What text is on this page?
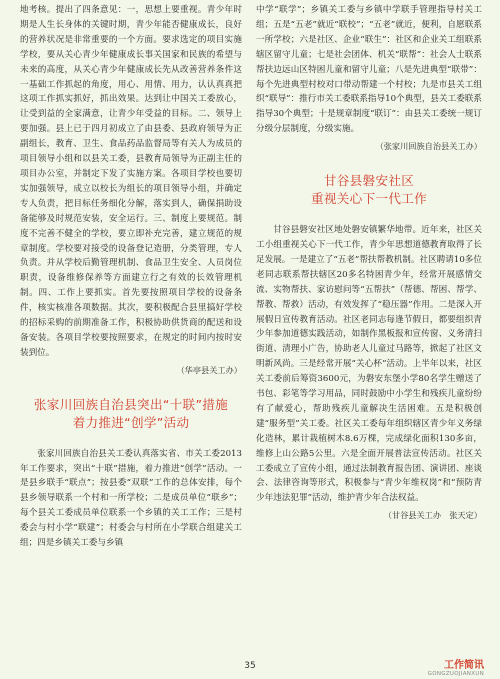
地考核。提出了四条意见：一，思想上要重视。青少年时期是人生长身体的关键时期，青少年能否健康成长，良好的营养状况是非常重要的一个方面。要求选定的项目实施学校，要从关心青少年健康成长事关国家和民族的希望与未来的高度，从关心青少年健康成长先从改善营养条件这一基础工作抓起的角度，用心、用情、用力，认认真真把这项工作抓实抓好，抓出效果。达到让中国关工委放心，让受到益的全家满意，让青少年受益的目标。二、领导上要加强。县上已于四月初成立了由县委、县政府领导为正副组长，教育、卫生、食品药品监督局等有关人为成员的项目领导小组和以县关工委，县教育局领导为正副主任的项目办公室，并制定下发了实施方案。各项目学校也要切实加强领导，成立以校长为组长的项目领导小组，并确定专人负责，把目标任务细化分解，落实到人，确保捐助设备能够及时规范安装，安全运行。三、制度上要规范。制度不完善不健全的学校，要立即补充完善，建立规范的规章制度。学校要对接受的设备登记造册，分类管理，专人负责。并从学校后勤管理机制、食品卫生安全、人员岗位职责，设备维修保养等方面建立行之有效的长效管理机制。四、工作上要抓实。首先要按照项目学校的设备条件，核实核准各项数据。其次，要积极配合县里搞好学校的招标采购的前期准备工作，积极协助供货商的配送和设备安装。各项目学校要按照要求，在规定的时间内按时安装到位。

（华亭县关工办）

张家川回族自治县突出“十联”措施

着力推进“创学”活动

张家川回族自治县关工委认真落实省、市关工委2013年工作要求，突出“十联”措施，着力推进“创学”活动。一是县乡联手“联点”；按县委“双联”工作的总体安排，每个县乡领导联系一个村和一所学校；二是成员单位“联乡”；每个县关工委成员单位联系一个乡镇的关工工作；三是村委会与村小学“联建”；村委会与村所在小学联合组建关工组；四是乡镇关工委与乡镇

中学“联学”；乡镇关工委与乡镇中学联手管理指导村关工组；五是“五老”就近“联校”；“五老”就近，便利，自愿联系一所学校；六是社区、企业“联生”：社区和企业关工组联系辖区留守儿童；七是社会团体、机关“联帮”：社会人士联系帮扶边远山区特困儿童和留守儿童；八是先进典型“联带”：每个先进典型村校对口带动帮建一个村校；九是市县关工组织“联导”：推行市关工委联系指导10个典型，县关工委联系指导30个典型；十是规章制度“联订”：由县关工委统一规订分级分层制度，分级实施。

（张家川回族自治县关工办）

甘谷县磐安社区

重视关心下一代工作

甘谷县磐安社区地处磐安镇繁华地带。近年来，社区关工小组重视关心下一代工作，青少年思想道德教育取得了长足发展。一是建立了“五老”帮扶帮教机制。社区聘请10多位老同志联系帮扶辖区20多名特困青少年，经常开展感情交流、实物帮扶、家访慰问等“五帮扶”（帮德、帮困、帮学、帮教、帮救）活动，有效发挥了“稳压器”作用。二是深入开展假日宣传教育活动。社区老同志每逢节假日，都要组织青少年参加道德实践活动，如制作黑板报和宣传窗、义务清扫街道、清理小广告，协助老人儿童过马路等，掀起了社区文明新风尚。三是经常开展“关心杯”活动。上半年以来，社区关工委前后筹资3600元，为磐安东堡小学80名学生赠送了书包、彩笔等学习用品，同时鼓励中小学生和残疾儿童纷纷有了献爱心，帮助残疾儿童解决生活困难。五是积极创建“服务型”关工委。社区关工委每年组织辖区青少年义务绿化造林，累计栽植树木8.6万棵，完成绿化面积130多亩，维修上山公路5公里。六是全面开展普法宣传活动。社区关工委成立了宣传小组，通过法制教育报告团、演讲团、座谈会、法律咨询等形式，积极参与“青少年维权岗”和“预防青少年违法犯罪”活动，维护青少年合法权益。

（甘谷县关工办　张天定）

35	工作简讯
GONGZUOJIANXUN
